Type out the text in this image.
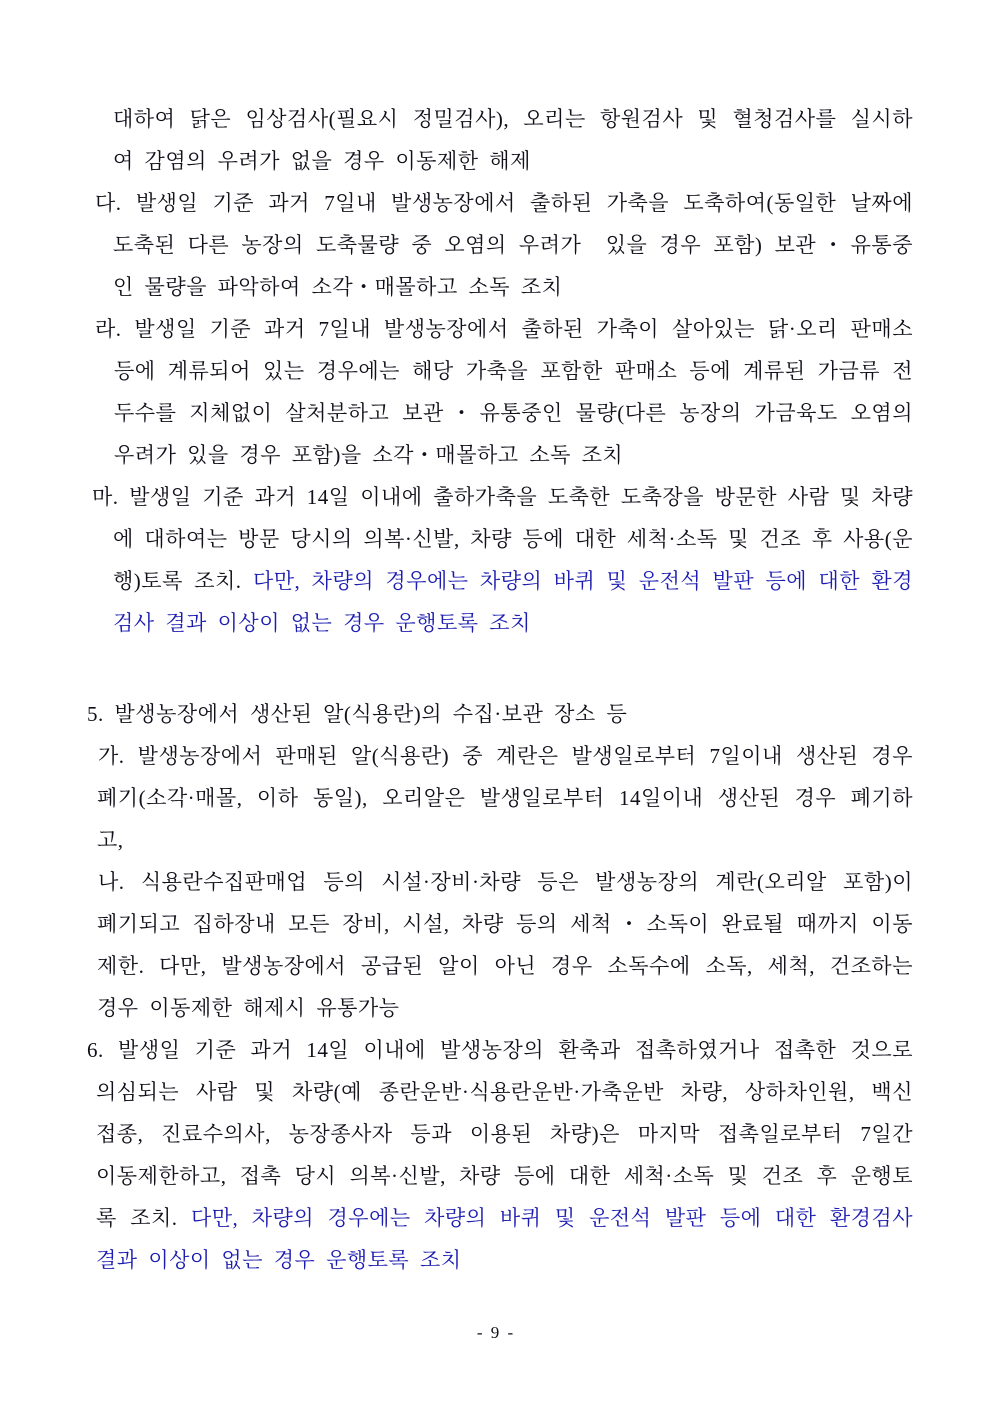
대하여 닭은 임상검사(필요시 정밀검사), 오리는 항원검사 및 혈청검사를 실시하
여 감염의 우려가 없을 경우 이동제한 해제
다. 발생일 기준 과거 7일내 발생농장에서 출하된 가축을 도축하여(동일한 날짜에
도축된 다른 농장의 도축물량 중 오염의 우려가  있을 경우 포함) 보관・유통중
인 물량을 파악하여 소각・매몰하고 소독 조치
라. 발생일 기준 과거 7일내 발생농장에서 출하된 가축이 살아있는 닭·오리 판매소
등에 계류되어 있는 경우에는 해당 가축을 포함한 판매소 등에 계류된 가금류 전
두수를 지체없이 살처분하고 보관・유통중인 물량(다른 농장의 가금육도 오염의
우려가 있을 경우 포함)을 소각・매몰하고 소독 조치
마. 발생일 기준 과거 14일 이내에 출하가축을 도축한 도축장을 방문한 사람 및 차량
에 대하여는 방문 당시의 의복·신발, 차량 등에 대한 세척·소독 및 건조 후 사용(운
행)토록 조치. 다만, 차량의 경우에는 차량의 바퀴 및 운전석 발판 등에 대한 환경
검사 결과 이상이 없는 경우 운행토록 조치
5. 발생농장에서 생산된 알(식용란)의 수집·보관 장소 등
가. 발생농장에서 판매된 알(식용란) 중 계란은 발생일로부터 7일이내 생산된 경우
폐기(소각·매몰, 이하 동일), 오리알은 발생일로부터 14일이내 생산된 경우 폐기하
고,
나. 식용란수집판매업 등의 시설·장비·차량 등은 발생농장의 계란(오리알 포함)이
폐기되고 집하장내 모든 장비, 시설, 차량 등의 세척・소독이 완료될 때까지 이동
제한. 다만, 발생농장에서 공급된 알이 아닌 경우 소독수에 소독, 세척, 건조하는
경우 이동제한 해제시 유통가능
6. 발생일 기준 과거 14일 이내에 발생농장의 환축과 접촉하였거나 접촉한 것으로
의심되는 사람 및 차량(예 종란운반·식용란운반·가축운반 차량, 상하차인원, 백신
접종, 진료수의사, 농장종사자 등과 이용된 차량)은 마지막 접촉일로부터 7일간
이동제한하고, 접촉 당시 의복·신발, 차량 등에 대한 세척·소독 및 건조 후 운행토
록 조치. 다만, 차량의 경우에는 차량의 바퀴 및 운전석 발판 등에 대한 환경검사
결과 이상이 없는 경우 운행토록 조치
- 9 -
